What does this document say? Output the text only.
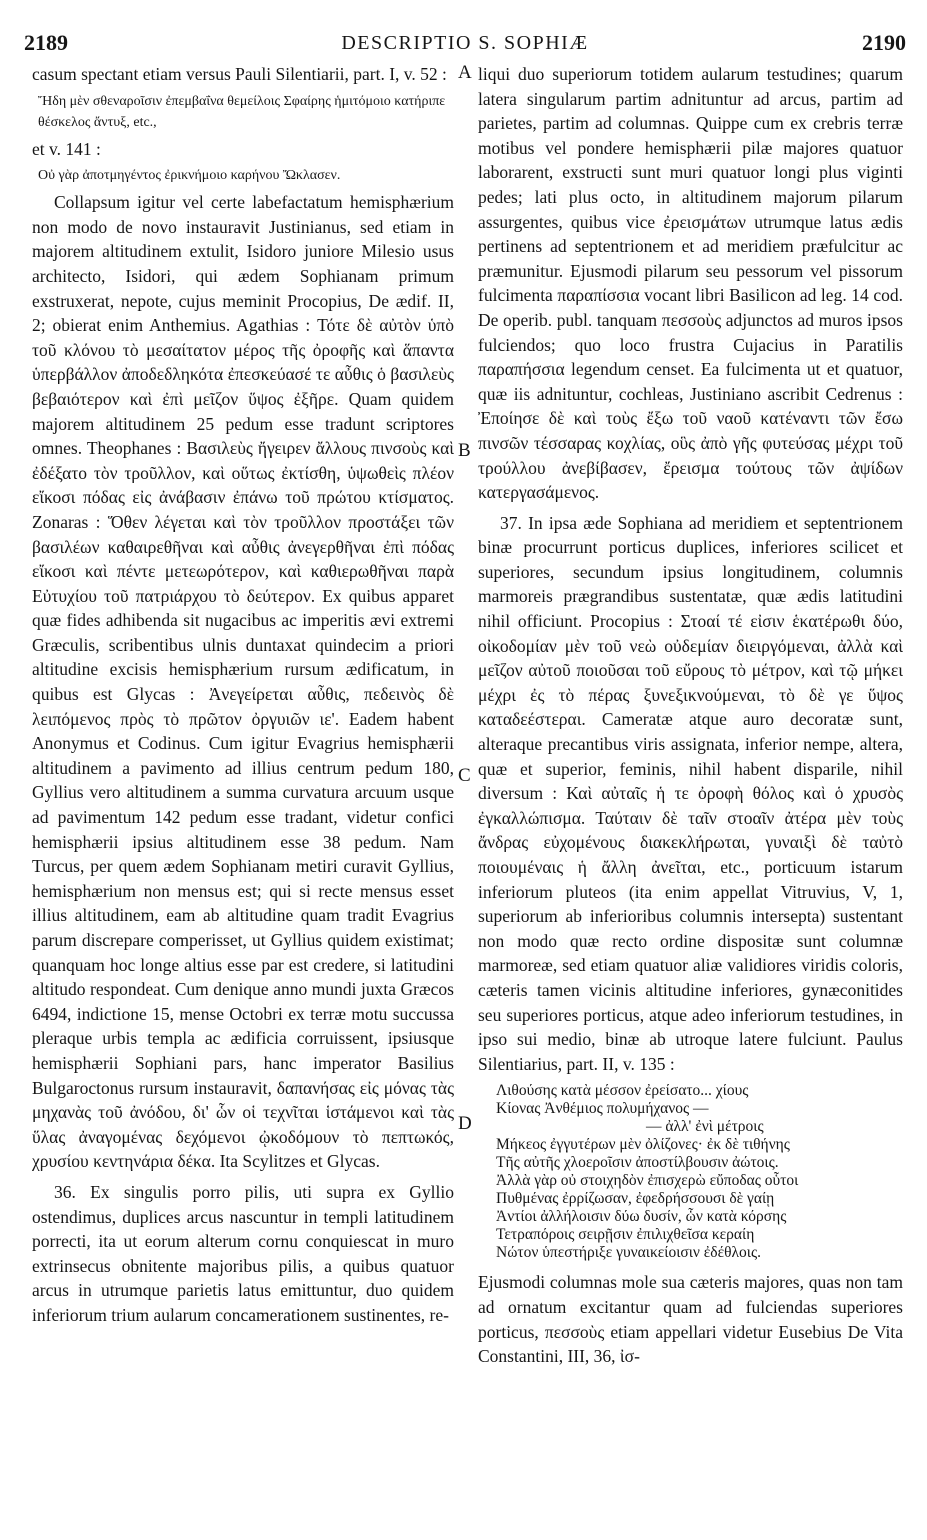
2189	DESCRIPTIO S. SOPHIÆ	2190
A
B
C
D

casum spectant etiam versus Pauli Silentiarii, part. I, v. 52 :

Ἤδη μὲν σθεναροῖσιν ἐπεμβαΐνα θεμείλοις Σφαίρης ἡμιτόμοιο κατήριπε θέσκελος ἄντυξ, etc.,

et v. 141 :

Οὐ γὰρ ἀποτμηγέντος ἐρικνήμοιο καρήνου Ὤκλασεν.

Collapsum igitur vel certe labefactatum hemisphærium non modo de novo instauravit Justinianus, sed etiam in majorem altitudinem extulit, Isidoro juniore Milesio usus architecto, Isidori, qui ædem Sophianam primum exstruxerat, nepote, cujus meminit Procopius, De ædif. II, 2; obierat enim Anthemius. Agathias : Τότε δὲ αὐτὸν ὑπὸ τοῦ κλόνου τὸ μεσαίτατον μέρος τῆς ὀροφῆς καὶ ἅπαντα ὑπερβάλλον ἀποδεδληκότα ἐπεσκεύασέ τε αὖθις ὁ βασιλεὺς βεβαιότερον καὶ ἐπὶ μεῖζον ὕψος ἐξῆρε. Quam quidem majorem altitudinem 25 pedum esse tradunt scriptores omnes. Theophanes : Βασιλεὺς ἤγειρεν ἄλλους πινσοὺς καὶ ἐδέξατο τὸν τροῦλλον, καὶ οὕτως ἐκτίσθη, ὑψωθεὶς πλέον εἴκοσι πόδας εἰς ἀνάβασιν ἐπάνω τοῦ πρώτου κτίσματος. Zonaras : Ὅθεν λέγεται καὶ τὸν τροῦλλον προστάξει τῶν βασιλέων καθαιρεθῆναι καὶ αὖθις ἀνεγερθῆναι ἐπὶ πόδας εἴκοσι καὶ πέντε μετεωρότερον, καὶ καθιερωθῆναι παρὰ Εὐτυχίου τοῦ πατριάρχου τὸ δεύτερον. Ex quibus apparet quæ fides adhibenda sit nugacibus ac imperitis ævi extremi Græculis, scribentibus ulnis duntaxat quindecim a priori altitudine excisis hemisphærium rursum ædificatum, in quibus est Glycas : Ἀνεγείρεται αὖθις, πεδεινὸς δὲ λειπόμενος πρὸς τὸ πρῶτον ὀργυιῶν ιε'. Eadem habent Anonymus et Codinus. Cum igitur Evagrius hemisphærii altitudinem a pavimento ad illius centrum pedum 180, Gyllius vero altitudinem a summa curvatura arcuum usque ad pavimentum 142 pedum esse tradant, videtur confici hemisphærii ipsius altitudinem esse 38 pedum. Nam Turcus, per quem ædem Sophianam metiri curavit Gyllius, hemisphærium non mensus est; qui si recte mensus esset illius altitudinem, eam ab altitudine quam tradit Evagrius parum discrepare comperisset, ut Gyllius quidem existimat; quanquam hoc longe altius esse par est credere, si latitudini altitudo respondeat. Cum denique anno mundi juxta Græcos 6494, indictione 15, mense Octobri ex terræ motu succussa pleraque urbis templa ac ædificia corruissent, ipsiusque hemisphærii Sophiani pars, hanc imperator Basilius Bulgaroctonus rursum instauravit, δαπανήσας εἰς μόνας τὰς μηχανὰς τοῦ ἀνόδου, δι' ὧν οἱ τεχνῖται ἱστάμενοι καὶ τὰς ὕλας ἀναγομένας δεχόμενοι ᾠκοδόμουν τὸ πεπτωκός, χρυσίου κεντηνάρια δέκα. Ita Scylitzes et Glycas.

36. Ex singulis porro pilis, uti supra ex Gyllio ostendimus, duplices arcus nascuntur in templi latitudinem porrecti, ita ut eorum alterum cornu conquiescat in muro extrinsecus obnitente majoribus pilis, a quibus quatuor arcus in utrumque parietis latus emittuntur, duo quidem inferiorum trium aularum concamerationem sustinentes, re-

liqui duo superiorum totidem aularum testudines; quarum latera singularum partim adnituntur ad arcus, partim ad parietes, partim ad columnas. Quippe cum ex crebris terræ motibus vel pondere hemisphærii pilæ majores quatuor laborarent, exstructi sunt muri quatuor longi plus viginti pedes; lati plus octo, in altitudinem majorum pilarum assurgentes, quibus vice ἐρεισμάτων utrumque latus ædis pertinens ad septentrionem et ad meridiem præfulcitur ac præmunitur. Ejusmodi pilarum seu pessorum vel pissorum fulcimenta παραπίσσια vocant libri Basilicon ad leg. 14 cod. De operib. publ. tanquam πεσσοὺς adjunctos ad muros ipsos fulciendos; quo loco frustra Cujacius in Paratilis παραπήσσια legendum censet. Ea fulcimenta ut et quatuor, quæ iis adnituntur, cochleas, Justiniano ascribit Cedrenus : Ἐποίησε δὲ καὶ τοὺς ἔξω τοῦ ναοῦ κατέναντι τῶν ἔσω πινσῶν τέσσαρας κοχλίας, οὓς ἀπὸ γῆς φυτεύσας μέχρι τοῦ τρούλλου ἀνεβίβασεν, ἔρεισμα τούτους τῶν ἀψίδων κατεργασάμενος.

37. In ipsa æde Sophiana ad meridiem et septentrionem binæ procurrunt porticus duplices, inferiores scilicet et superiores, secundum ipsius longitudinem, columnis marmoreis prægrandibus sustentatæ, quæ ædis latitudini nihil officiunt. Procopius : Στοαί τέ εἰσιν ἑκατέρωθι δύο, οἰκοδομίαν μὲν τοῦ νεὼ οὐδεμίαν διειργόμεναι, ἀλλὰ καὶ μεῖζον αὐτοῦ ποιοῦσαι τοῦ εὔρους τὸ μέτρον, καὶ τῷ μήκει μέχρι ἐς τὸ πέρας ξυνεξικνούμεναι, τὸ δὲ γε ὕψος καταδεέστεραι. Cameratæ atque auro decoratæ sunt, alteraque precantibus viris assignata, inferior nempe, altera, quæ et superior, feminis, nihil habent disparile, nihil diversum : Καὶ αὐταῖς ἡ τε ὀροφὴ θόλος καὶ ὁ χρυσὸς ἐγκαλλώπισμα. Ταύταιν δὲ ταῖν στοαῖν ἀτέρα μὲν τοὺς ἄνδρας εὐχομένους διακεκλήρωται, γυναιξὶ δὲ ταὐτὸ ποιουμέναις ἡ ἄλλη ἀνεῖται, etc., porticuum istarum inferiorum pluteos (ita enim appellat Vitruvius, V, 1, superiorum ab inferioribus columnis intersepta) sustentant non modo quæ recto ordine dispositæ sunt columnæ marmoreæ, sed etiam quatuor aliæ validiores viridis coloris, cæteris tamen vicinis altitudine inferiores, gynæconitides seu superiores porticus, atque adeo inferiorum testudines, in ipso sui medio, binæ ab utroque latere fulciunt. Paulus Silentiarius, part. II, v. 135 :

Λιθούσης κατὰ μέσσον ἐρείσατο... χίους
Κίονας Ἀνθέμιος πολυμήχανος —
— ἀλλ' ἐνὶ μέτροις
Μήκεος ἐγγυτέρων μὲν ὀλίζονες· ἐκ δὲ τιθήνης
Τῆς αὐτῆς χλοεροῖσιν ἀποστίλβουσιν ἀώτοις.
Ἀλλὰ γὰρ οὐ στοιχηδὸν ἐπισχερὼ εὔποδας οὗτοι
Πυθμένας ἐρρίζωσαν, ἐφεδρήσσουσι δὲ γαίῃ
Ἀντίοι ἀλλήλοισιν δύω δυσίν, ὧν κατὰ κόρσης
Τετραπόροις σειρῇσιν ἐπιλιχθεῖσα κεραίη
Νώτον ὑπεστήριξε γυναικείοισιν ἐδέθλοις.

Ejusmodi columnas mole sua cæteris majores, quas non tam ad ornatum excitantur quam ad fulciendas superiores porticus, πεσσοὺς etiam appellari videtur Eusebius De Vita Constantini, III, 36, ἰσ-
